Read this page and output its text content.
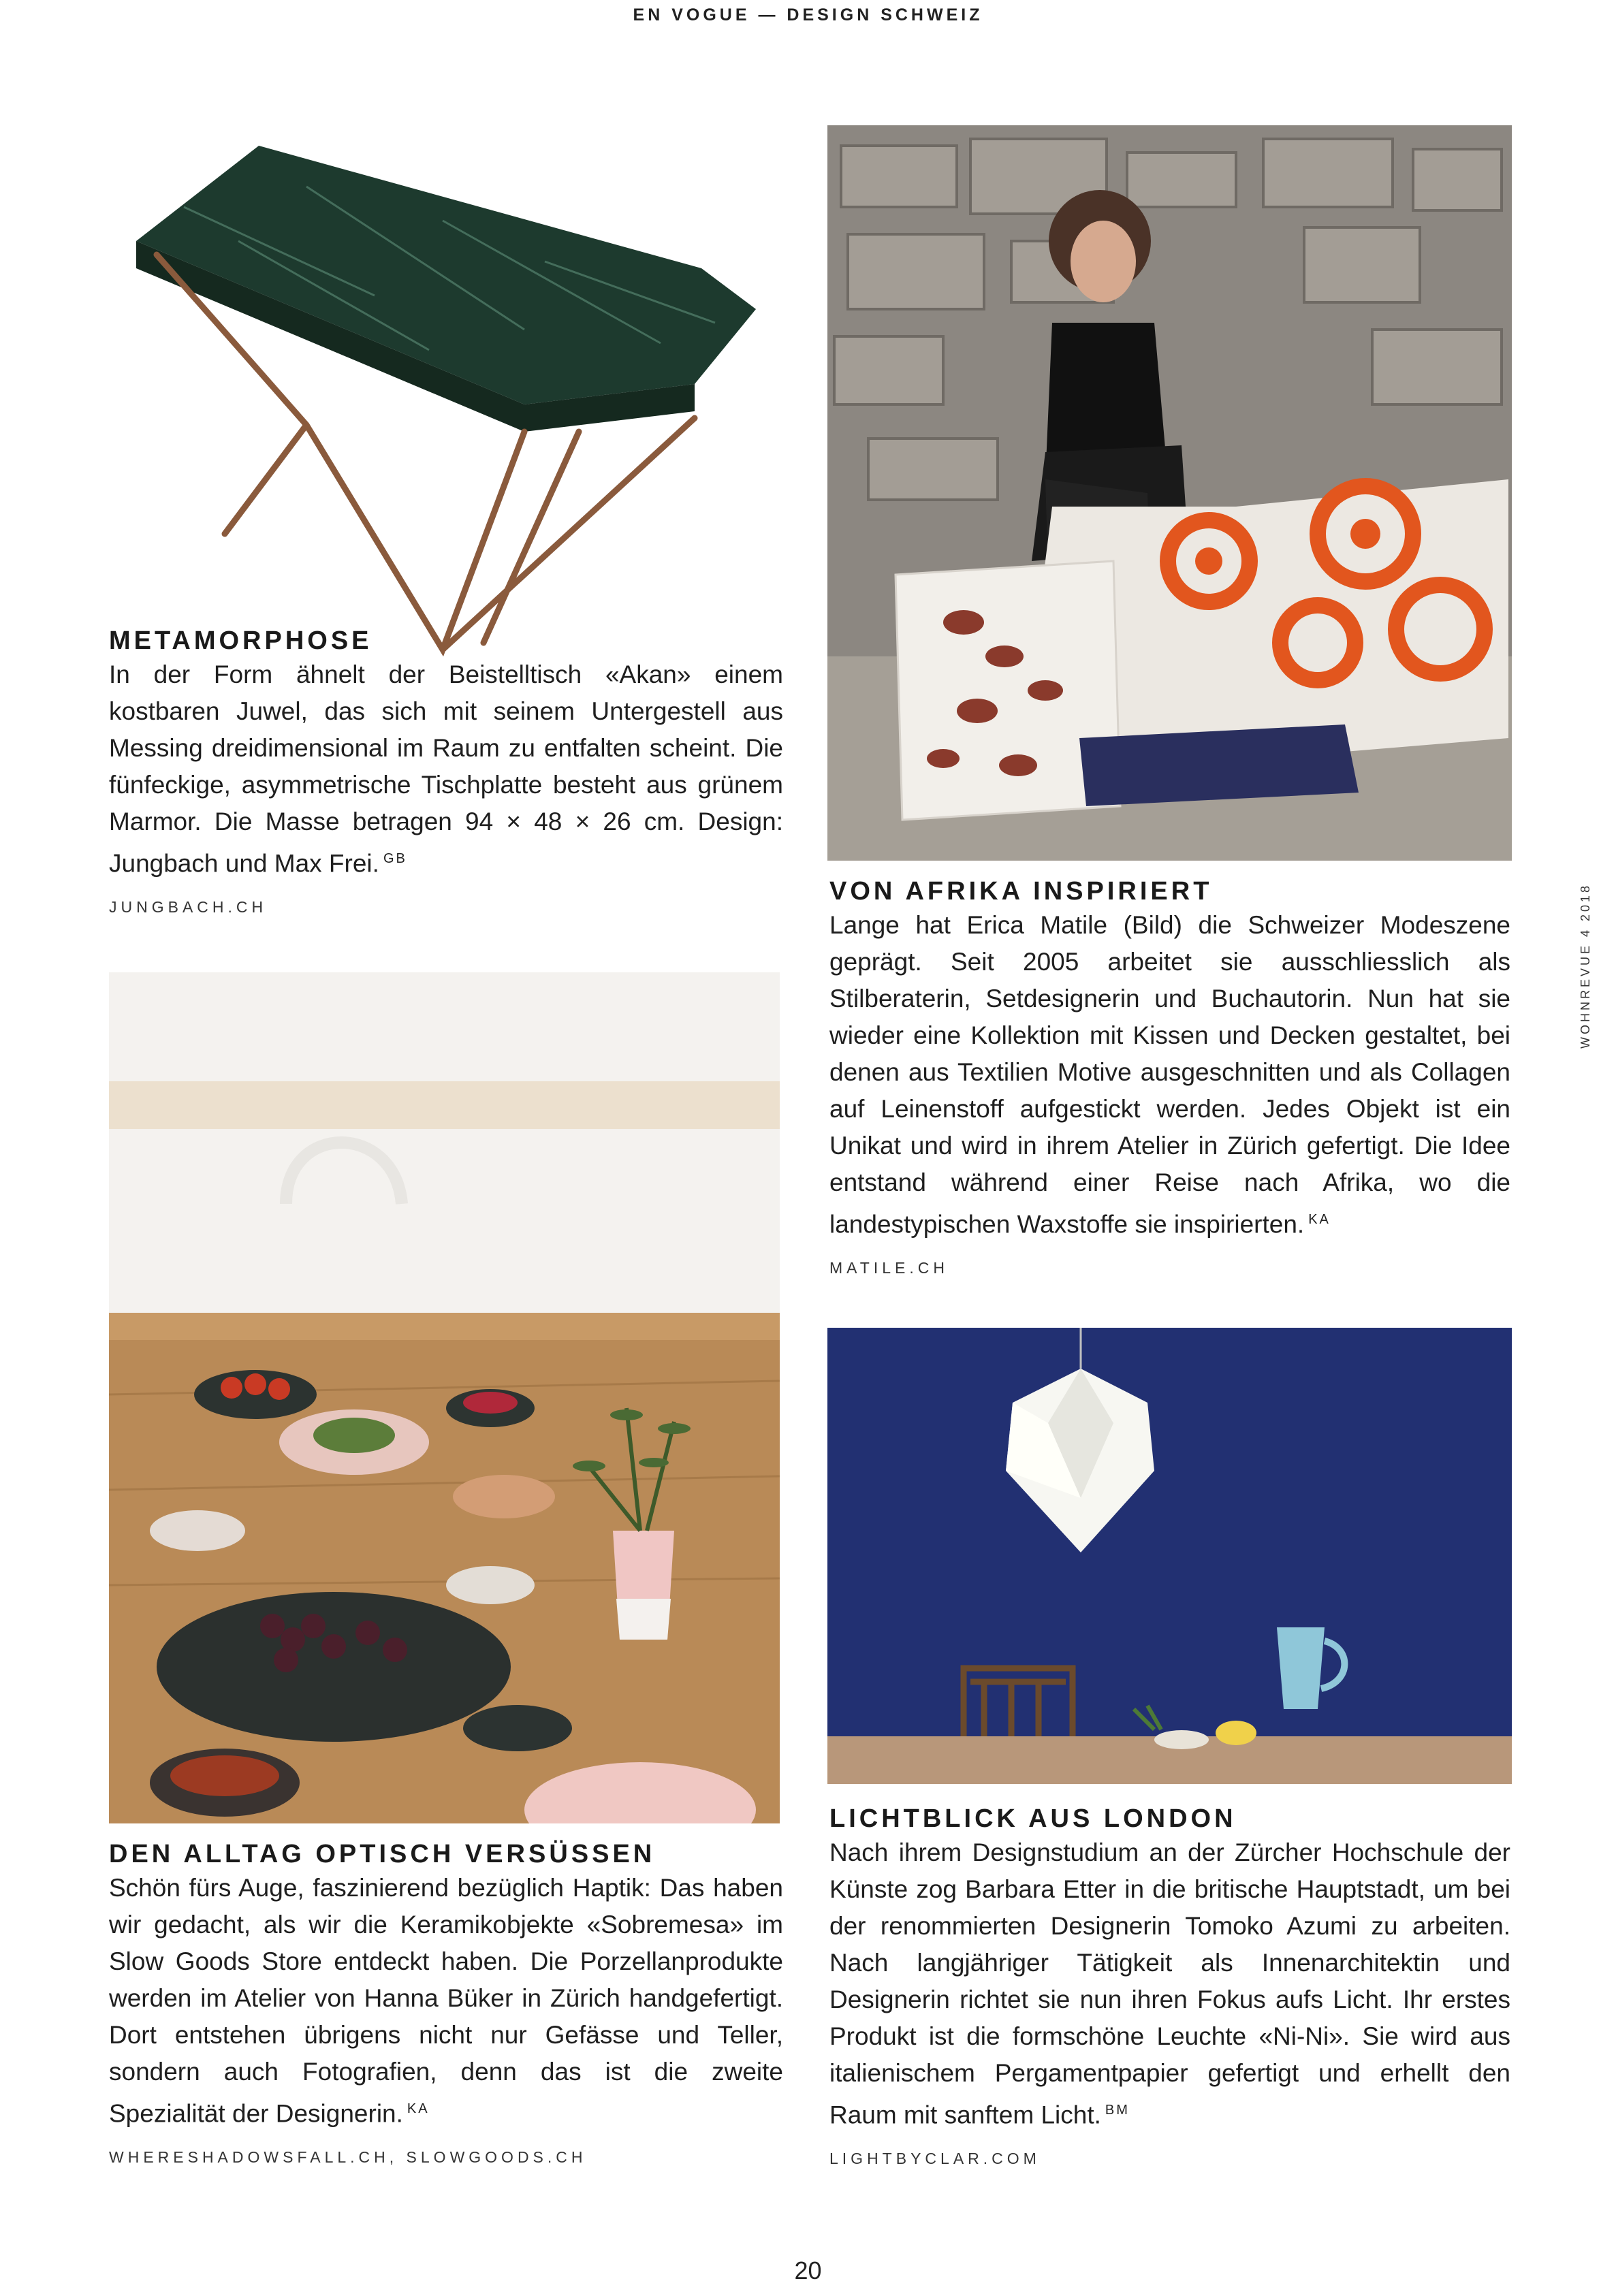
EN VOGUE — DESIGN SCHWEIZ
WOHNREVUE 4 2018
METAMORPHOSE

In der Form ähnelt der Beistelltisch «Akan» einem kostbaren Juwel, das sich mit seinem Untergestell aus Messing dreidimensional im Raum zu entfalten scheint. Die fünfeckige, asymmetrische Tischplatte besteht aus grünem Marmor. Die Masse betragen 94 × 48 × 26 cm. Design: Jungbach und Max Frei. $^{GB}$

JUNGBACH.CH
VON AFRIKA INSPIRIERT

Lange hat Erica Matile (Bild) die Schweizer Modeszene geprägt. Seit 2005 arbeitet sie ausschliesslich als Stilberaterin, Setdesignerin und Buchautorin. Nun hat sie wieder eine Kollektion mit Kissen und Decken gestaltet, bei denen aus Textilien Motive ausgeschnitten und als Collagen auf Leinenstoff aufgestickt werden. Jedes Objekt ist ein Unikat und wird in ihrem Atelier in Zürich gefertigt. Die Idee entstand während einer Reise nach Afrika, wo die landestypischen Waxstoffe sie inspirierten. $^{KA}$

MATILE.CH
DEN ALLTAG OPTISCH VERSÜSSEN

Schön fürs Auge, faszinierend bezüglich Haptik: Das haben wir gedacht, als wir die Keramikobjekte «Sobremesa» im Slow Goods Store entdeckt haben. Die Porzellanprodukte werden im Atelier von Hanna Büker in Zürich handgefertigt. Dort entstehen übrigens nicht nur Gefässe und Teller, sondern auch Fotografien, denn das ist die zweite Spezialität der Designerin. $^{KA}$

WHERESHADOWSFALL.CH, SLOWGOODS.CH
LICHTBLICK AUS LONDON

Nach ihrem Designstudium an der Zürcher Hochschule der Künste zog Barbara Etter in die britische Hauptstadt, um bei der renommierten Designerin Tomoko Azumi zu arbeiten. Nach langjähriger Tätigkeit als Innenarchitektin und Designerin richtet sie nun ihren Fokus aufs Licht. Ihr erstes Produkt ist die formschöne Leuchte «Ni-Ni». Sie wird aus italienischem Pergamentpapier gefertigt und erhellt den Raum mit sanftem Licht. $^{BM}$

LIGHTBYCLAR.COM
20
